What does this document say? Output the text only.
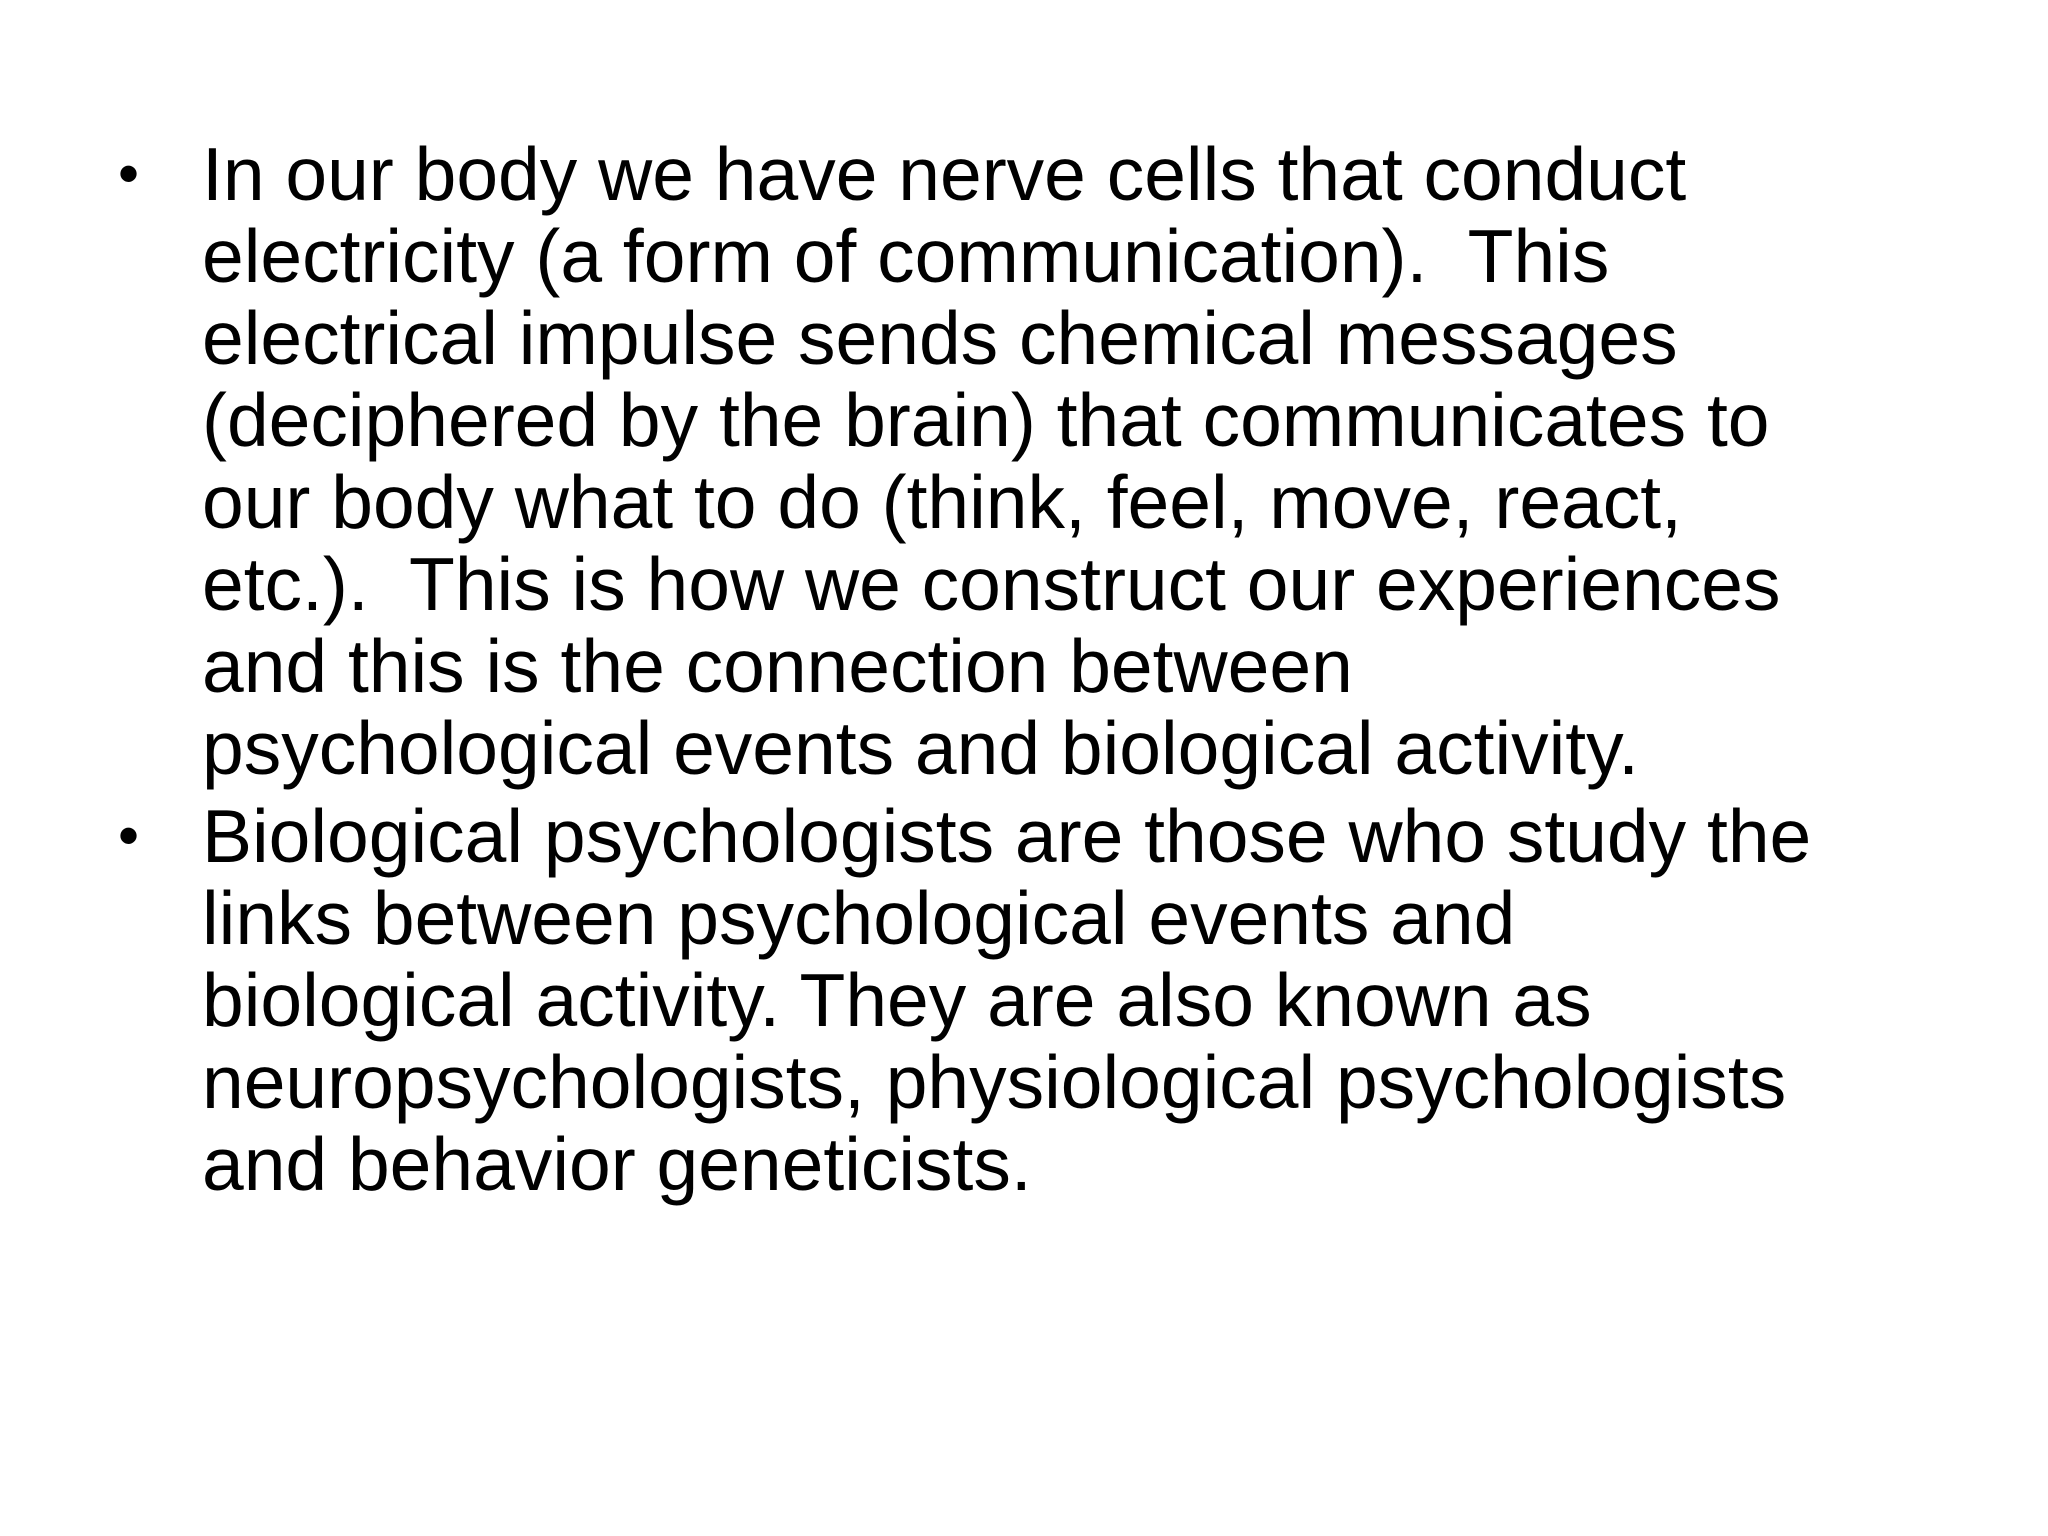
• In our body we have nerve cells that conduct
electricity (a form of communication).  This
electrical impulse sends chemical messages
(deciphered by the brain) that communicates to
our body what to do (think, feel, move, react,
etc.).  This is how we construct our experiences
and this is the connection between
psychological events and biological activity.
• Biological psychologists are those who study the
links between psychological events and
biological activity. They are also known as
neuropsychologists, physiological psychologists
and behavior geneticists.
